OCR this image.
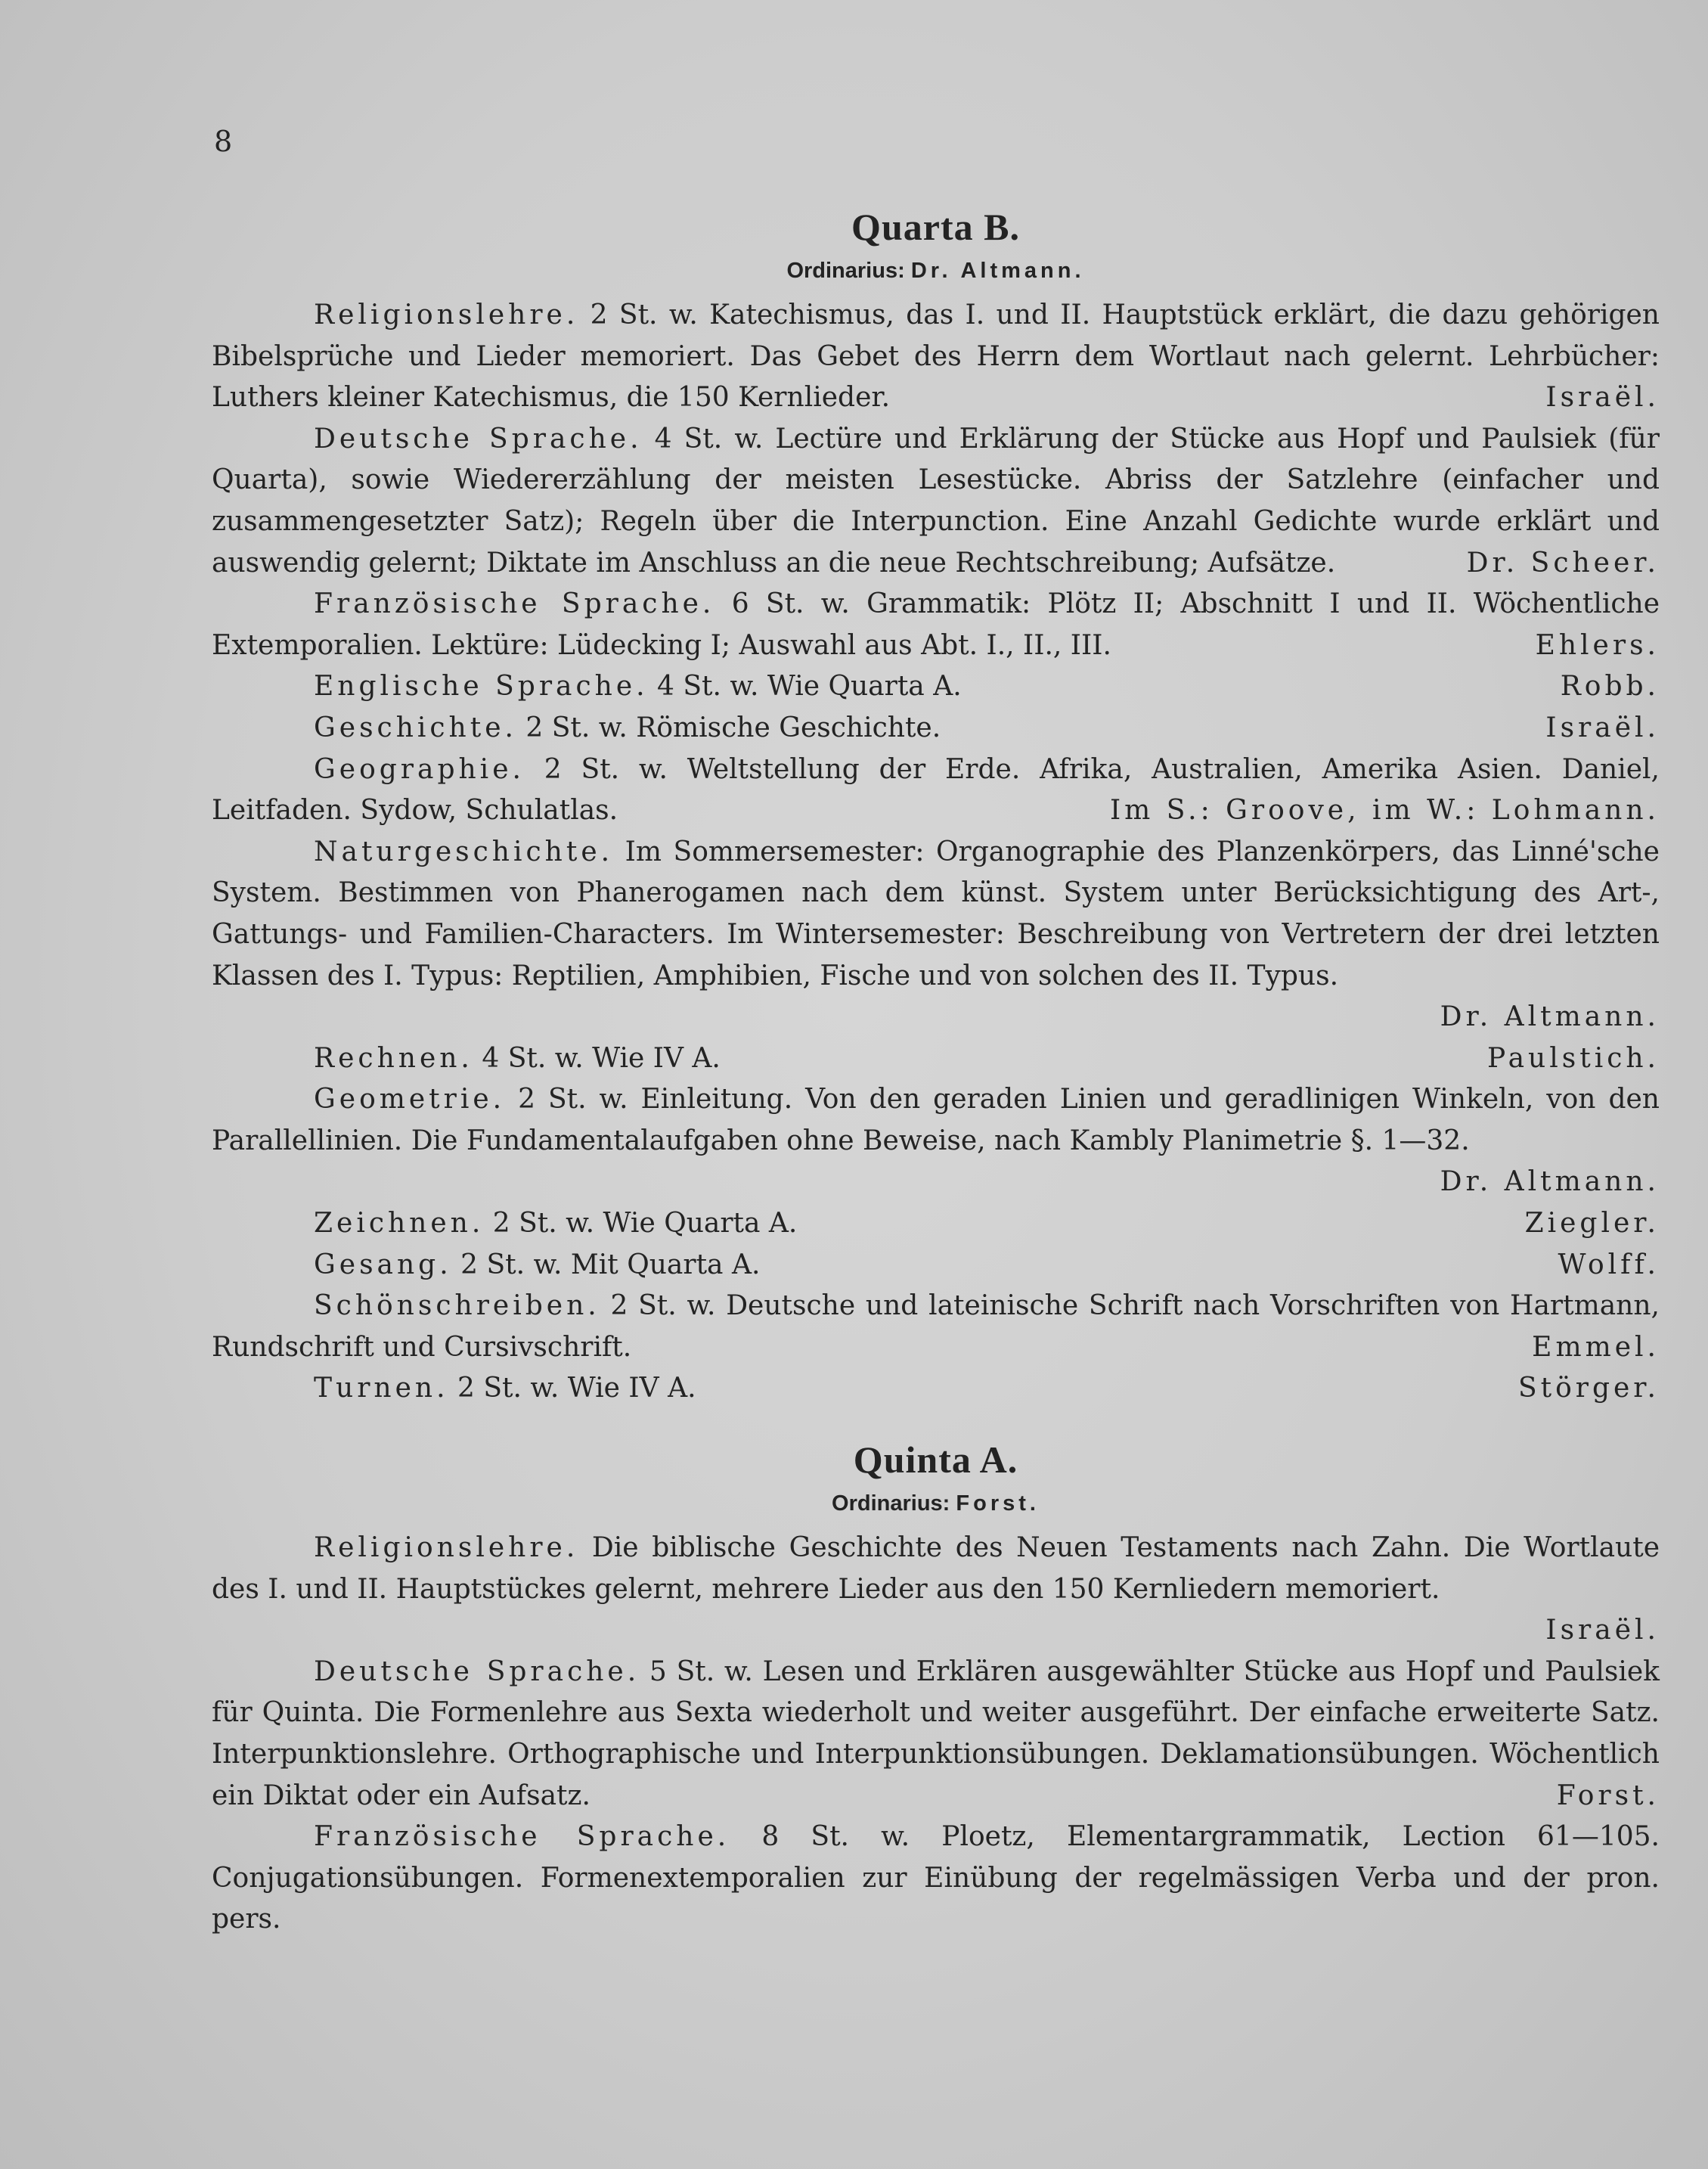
8
Quarta B.

Ordinarius: Dr. Altmann.

Religionslehre. 2 St. w. Katechismus, das I. und II. Hauptstück erklärt, die dazu gehörigen Bibelsprüche und Lieder memoriert. Das Gebet des Herrn dem Wortlaut nach gelernt. Lehrbücher: Luthers kleiner Katechismus, die 150 Kernlieder.	Israël.

Deutsche Sprache. 4 St. w. Lectüre und Erklärung der Stücke aus Hopf und Paulsiek (für Quarta), sowie Wiedererzählung der meisten Lesestücke. Abriss der Satzlehre (einfacher und zusammengesetzter Satz); Regeln über die Interpunction. Eine Anzahl Gedichte wurde erklärt und auswendig gelernt; Diktate im Anschluss an die neue Rechtschreibung; Aufsätze.	Dr. Scheer.

Französische Sprache. 6 St. w. Grammatik: Plötz II; Abschnitt I und II. Wöchentliche Extemporalien. Lektüre: Lüdecking I; Auswahl aus Abt. I., II., III.	Ehlers.

Englische Sprache. 4 St. w. Wie Quarta A.	Robb.

Geschichte. 2 St. w. Römische Geschichte.	Israël.

Geographie. 2 St. w. Weltstellung der Erde. Afrika, Australien, Amerika Asien. Daniel, Leitfaden. Sydow, Schulatlas.	Im S.: Groove, im W.: Lohmann.

Naturgeschichte. Im Sommersemester: Organographie des Planzenkörpers, das Linné'sche System. Bestimmen von Phanerogamen nach dem künst. System unter Berücksichtigung des Art-, Gattungs- und Familien-Characters. Im Wintersemester: Beschreibung von Vertretern der drei letzten Klassen des I. Typus: Reptilien, Amphibien, Fische und von solchen des II. Typus.

Dr. Altmann.

Rechnen. 4 St. w. Wie IV A.	Paulstich.

Geometrie. 2 St. w. Einleitung. Von den geraden Linien und geradlinigen Winkeln, von den Parallellinien. Die Fundamentalaufgaben ohne Beweise, nach Kambly Planimetrie §. 1—32.

Dr. Altmann.

Zeichnen. 2 St. w. Wie Quarta A.	Ziegler.

Gesang. 2 St. w. Mit Quarta A.	Wolff.

Schönschreiben. 2 St. w. Deutsche und lateinische Schrift nach Vorschriften von Hartmann, Rundschrift und Cursivschrift.	Emmel.

Turnen. 2 St. w. Wie IV A.	Störger.

Quinta A.

Ordinarius: Forst.

Religionslehre. Die biblische Geschichte des Neuen Testaments nach Zahn. Die Wortlaute des I. und II. Hauptstückes gelernt, mehrere Lieder aus den 150 Kernliedern memoriert.

Israël.

Deutsche Sprache. 5 St. w. Lesen und Erklären ausgewählter Stücke aus Hopf und Paulsiek für Quinta. Die Formenlehre aus Sexta wiederholt und weiter ausgeführt. Der einfache erweiterte Satz. Interpunktionslehre. Orthographische und Interpunktionsübungen. Deklamationsübungen. Wöchentlich ein Diktat oder ein Aufsatz.	Forst.

Französische Sprache. 8 St. w. Ploetz, Elementargrammatik, Lection 61—105. Conjugationsübungen. Formenextemporalien zur Einübung der regelmässigen Verba und der pron. pers.
